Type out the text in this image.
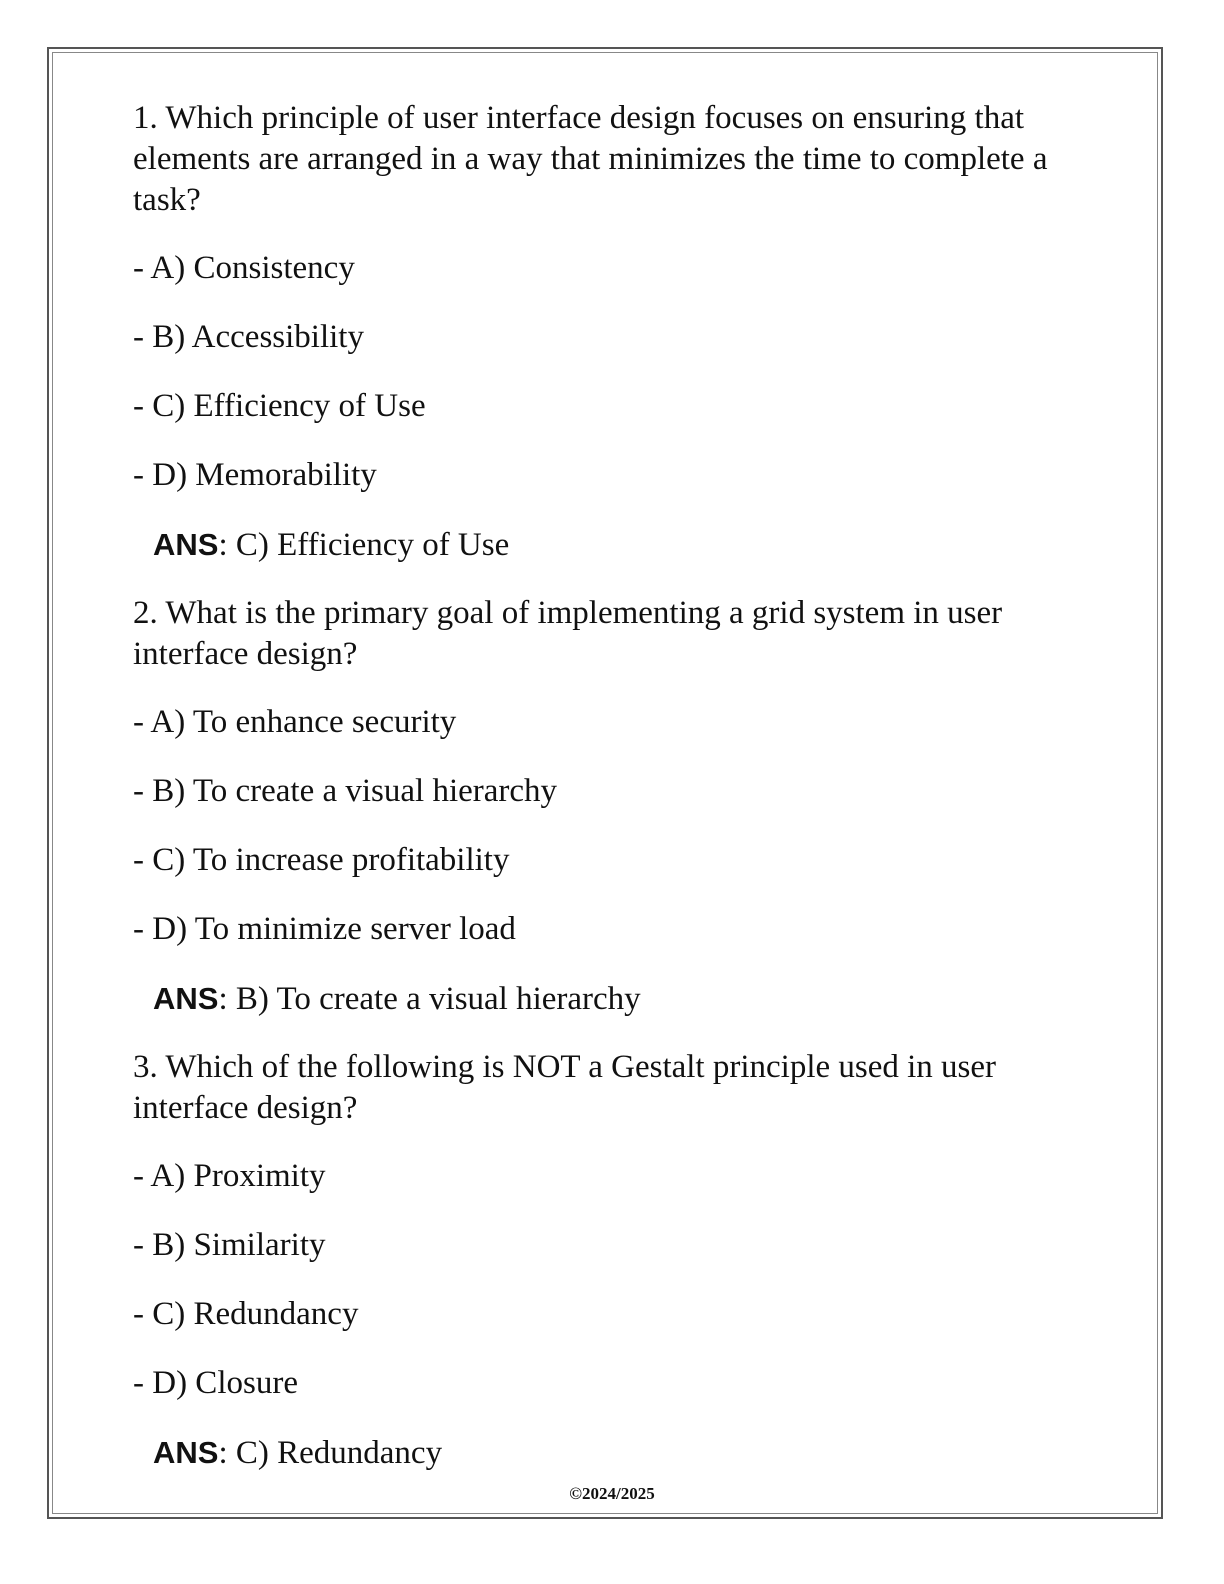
1. Which principle of user interface design focuses on ensuring that elements are arranged in a way that minimizes the time to complete a task?

- A) Consistency

- B) Accessibility

- C) Efficiency of Use

- D) Memorability

ANS: C) Efficiency of Use

2. What is the primary goal of implementing a grid system in user interface design?

- A) To enhance security

- B) To create a visual hierarchy

- C) To increase profitability

- D) To minimize server load

ANS: B) To create a visual hierarchy

3. Which of the following is NOT a Gestalt principle used in user interface design?

- A) Proximity

- B) Similarity

- C) Redundancy

- D) Closure

ANS: C) Redundancy

©2024/2025
